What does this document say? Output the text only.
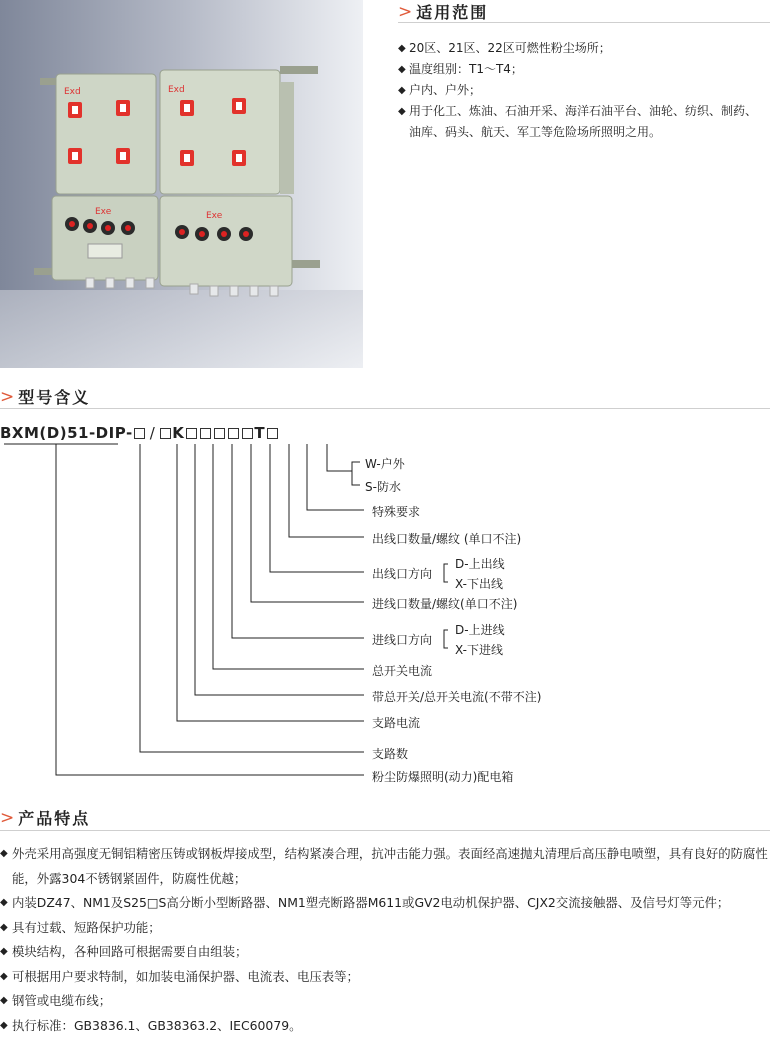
Exd	Exd
Exe	Exe
> 适用范围
◆ 20区、21区、22区可燃性粉尘场所；
◆ 温度组别：T1～T4；
◆ 户内、户外；
◆ 用于化工、炼油、石油开采、海洋石油平台、油轮、纺织、制药、油库、码头、航天、军工等危险场所照明之用。
> 型号含义
BXM(D)51-DIP- / K	T
W-户外
S-防水
特殊要求
出线口数量/螺纹 (单口不注)
出线口方向
D-上出线
X-下出线
进线口数量/螺纹(单口不注)
进线口方向
D-上进线
X-下进线
总开关电流
带总开关/总开关电流(不带不注)
支路电流
支路数
粉尘防爆照明(动力)配电箱
> 产品特点
◆ 外壳采用高强度无铜铝精密压铸或钢板焊接成型，结构紧凑合理，抗冲击能力强。表面经高速抛丸清理后高压静电喷塑，具有良好的防腐性能，外露304不锈钢紧固件，防腐性优越；
◆ 内装DZ47、NM1及S25□S高分断小型断路器、NM1塑壳断路器M611或GV2电动机保护器、CJX2交流接触器、及信号灯等元件；
◆ 具有过载、短路保护功能；
◆ 模块结构，各种回路可根据需要自由组装；
◆ 可根据用户要求特制，如加装电涌保护器、电流表、电压表等；
◆ 钢管或电缆布线；
◆ 执行标准：GB3836.1、GB38363.2、IEC60079。
